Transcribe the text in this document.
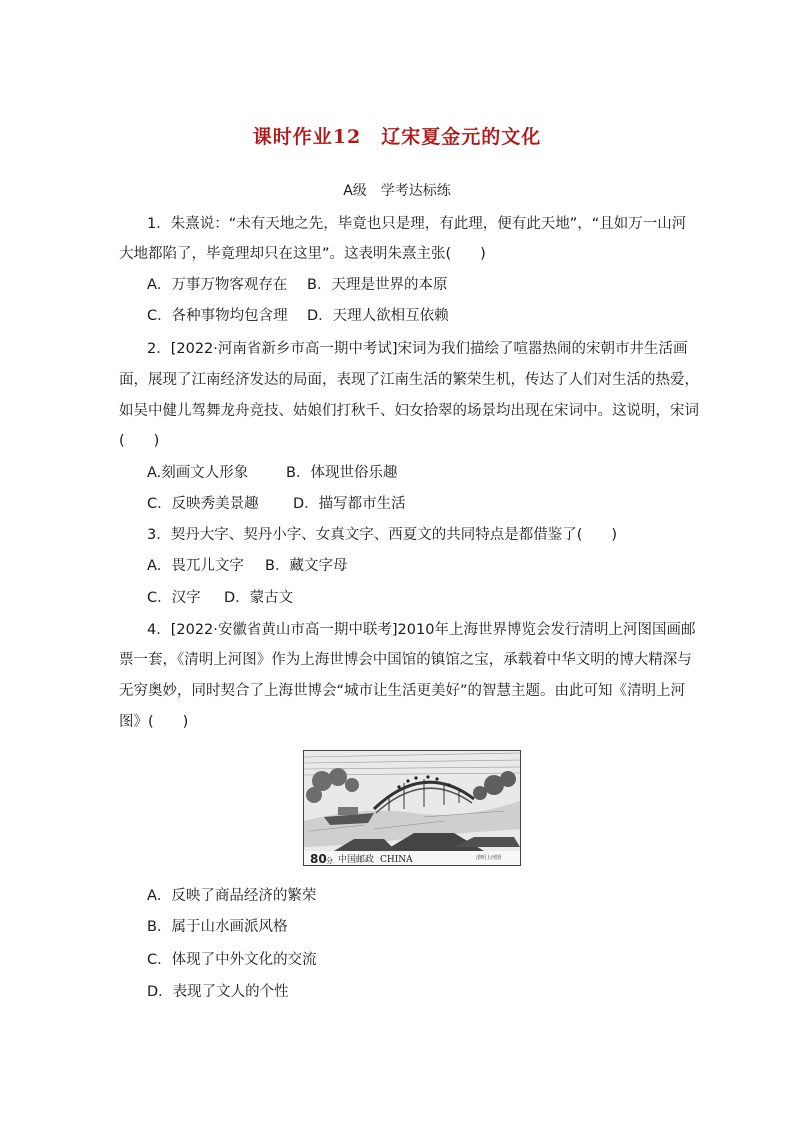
课时作业12　辽宋夏金元的文化
A级　学考达标练
1．朱熹说：“未有天地之先，毕竟也只是理，有此理，便有此天地”，“且如万一山河
大地都陷了，毕竟理却只在这里”。这表明朱熹主张(　　)
A．万事万物客观存在 B．天理是世界的本原
C．各种事物均包含理 D．天理人欲相互依赖
2．[2022·河南省新乡市高一期中考试]宋词为我们描绘了喧嚣热闹的宋朝市井生活画
面，展现了江南经济发达的局面，表现了江南生活的繁荣生机，传达了人们对生活的热爱，
如吴中健儿驾舞龙舟竞技、姑娘们打秋千、妇女拾翠的场景均出现在宋词中。这说明，宋词
(　　)
A.刻画文人形象	B．体现世俗乐趣
C．反映秀美景趣 D．描写都市生活
3．契丹大字、契丹小字、女真文字、西夏文的共同特点是都借鉴了(　　)
A．畏兀儿文字 B．藏文字母
C．汉字 D．蒙古文
4．[2022·安徽省黄山市高一期中联考]2010年上海世界博览会发行清明上河图国画邮
票一套，《清明上河图》作为上海世博会中国馆的镇馆之宝，承载着中华文明的博大精深与
无穷奥妙，同时契合了上海世博会“城市让生活更美好”的智慧主题。由此可知《清明上河
图》(　　)
80 分 中国邮政 CHINA	清明上河图
A．反映了商品经济的繁荣
B．属于山水画派风格
C．体现了中外文化的交流
D．表现了文人的个性
